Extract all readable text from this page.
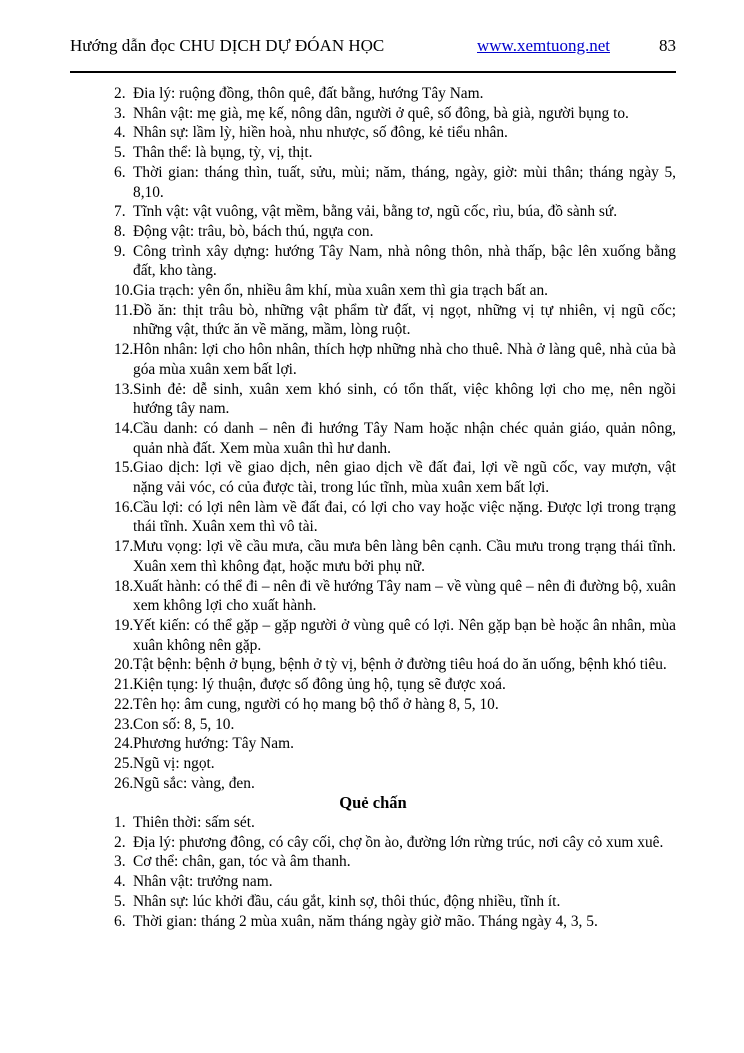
Hướng dẫn đọc CHU DỊCH DỰ ĐÓAN HỌC	www.xemtuong.net	83
2. Đia lý: ruộng đồng, thôn quê, đất bằng, hướng Tây Nam.
3. Nhân vật: mẹ già, mẹ kế, nông dân, người ở quê, số đông, bà già, người bụng to.
4. Nhân sự: lầm lỳ, hiền hoà, nhu nhược, số đông, kẻ tiểu nhân.
5. Thân thể: là bụng, tỳ, vị, thịt.
6. Thời gian: tháng thìn, tuất, sửu, mùi; năm, tháng, ngày, giờ: mùi thân; tháng ngày 5, 8,10.
7. Tĩnh vật: vật vuông, vật mềm, bằng vải, bằng tơ, ngũ cốc, rìu, búa, đồ sành sứ.
8. Động vật: trâu, bò, bách thú, ngựa con.
9. Công trình xây dựng: hướng Tây Nam, nhà nông thôn, nhà thấp, bậc lên xuống bằng đất, kho tàng.
10. Gia trạch: yên ổn, nhiều âm khí, mùa xuân xem thì gia trạch bất an.
11. Đồ ăn: thịt trâu bò, những vật phẩm từ đất, vị ngọt, những vị tự nhiên, vị ngũ cốc; những vật, thức ăn về măng, mầm, lòng ruột.
12. Hôn nhân: lợi cho hôn nhân, thích hợp những nhà cho thuê. Nhà ở làng quê, nhà của bà góa mùa xuân xem bất lợi.
13. Sinh đẻ: dễ sinh, xuân xem khó sinh, có tổn thất, việc không lợi cho mẹ, nên ngồi hướng tây nam.
14. Cầu danh: có danh – nên đi hướng Tây Nam hoặc nhận chéc quản giáo, quản nông, quản nhà đất. Xem mùa xuân thì hư danh.
15. Giao dịch: lợi về giao dịch, nên giao dịch về đất đai, lợi về ngũ cốc, vay mượn, vật nặng vải vóc, có của được tài, trong lúc tĩnh, mùa xuân xem bất lợi.
16. Cầu lợi: có lợi nên làm về đất đai, có lợi cho vay hoặc việc nặng. Được lợi trong trạng thái tĩnh. Xuân xem thì vô tài.
17. Mưu vọng: lợi về cầu mưa, cầu mưa bên làng bên cạnh. Cầu mưu trong trạng thái tĩnh. Xuân xem thì không đạt, hoặc mưu bởi phụ nữ.
18. Xuất hành: có thể đi – nên đi về hướng Tây nam – về vùng quê – nên đi đường bộ, xuân xem không lợi cho xuất hành.
19. Yết kiến: có thể gặp – gặp người ở vùng quê có lợi. Nên gặp bạn bè hoặc ân nhân, mùa xuân không nên gặp.
20. Tật bệnh: bệnh ở bụng, bệnh ở tỳ vị, bệnh ở đường tiêu hoá do ăn uống, bệnh khó tiêu.
21. Kiện tụng: lý thuận, được số đông ủng hộ, tụng sẽ được xoá.
22. Tên họ: âm cung, người có họ mang bộ thổ ở hàng 8, 5, 10.
23. Con số: 8, 5, 10.
24. Phương hướng: Tây Nam.
25. Ngũ vị: ngọt.
26. Ngũ sắc: vàng, đen.
Quẻ chấn
1. Thiên thời: sấm sét.
2. Địa lý: phương đông, có cây cối, chợ ồn ào, đường lớn rừng trúc, nơi cây cỏ xum xuê.
3. Cơ thể: chân, gan, tóc và âm thanh.
4. Nhân vật: trưởng nam.
5. Nhân sự: lúc khởi đầu, cáu gắt, kinh sợ, thôi thúc, động nhiều, tĩnh ít.
6. Thời gian: tháng 2 mùa xuân, năm tháng ngày giờ mão. Tháng ngày 4, 3, 5.
